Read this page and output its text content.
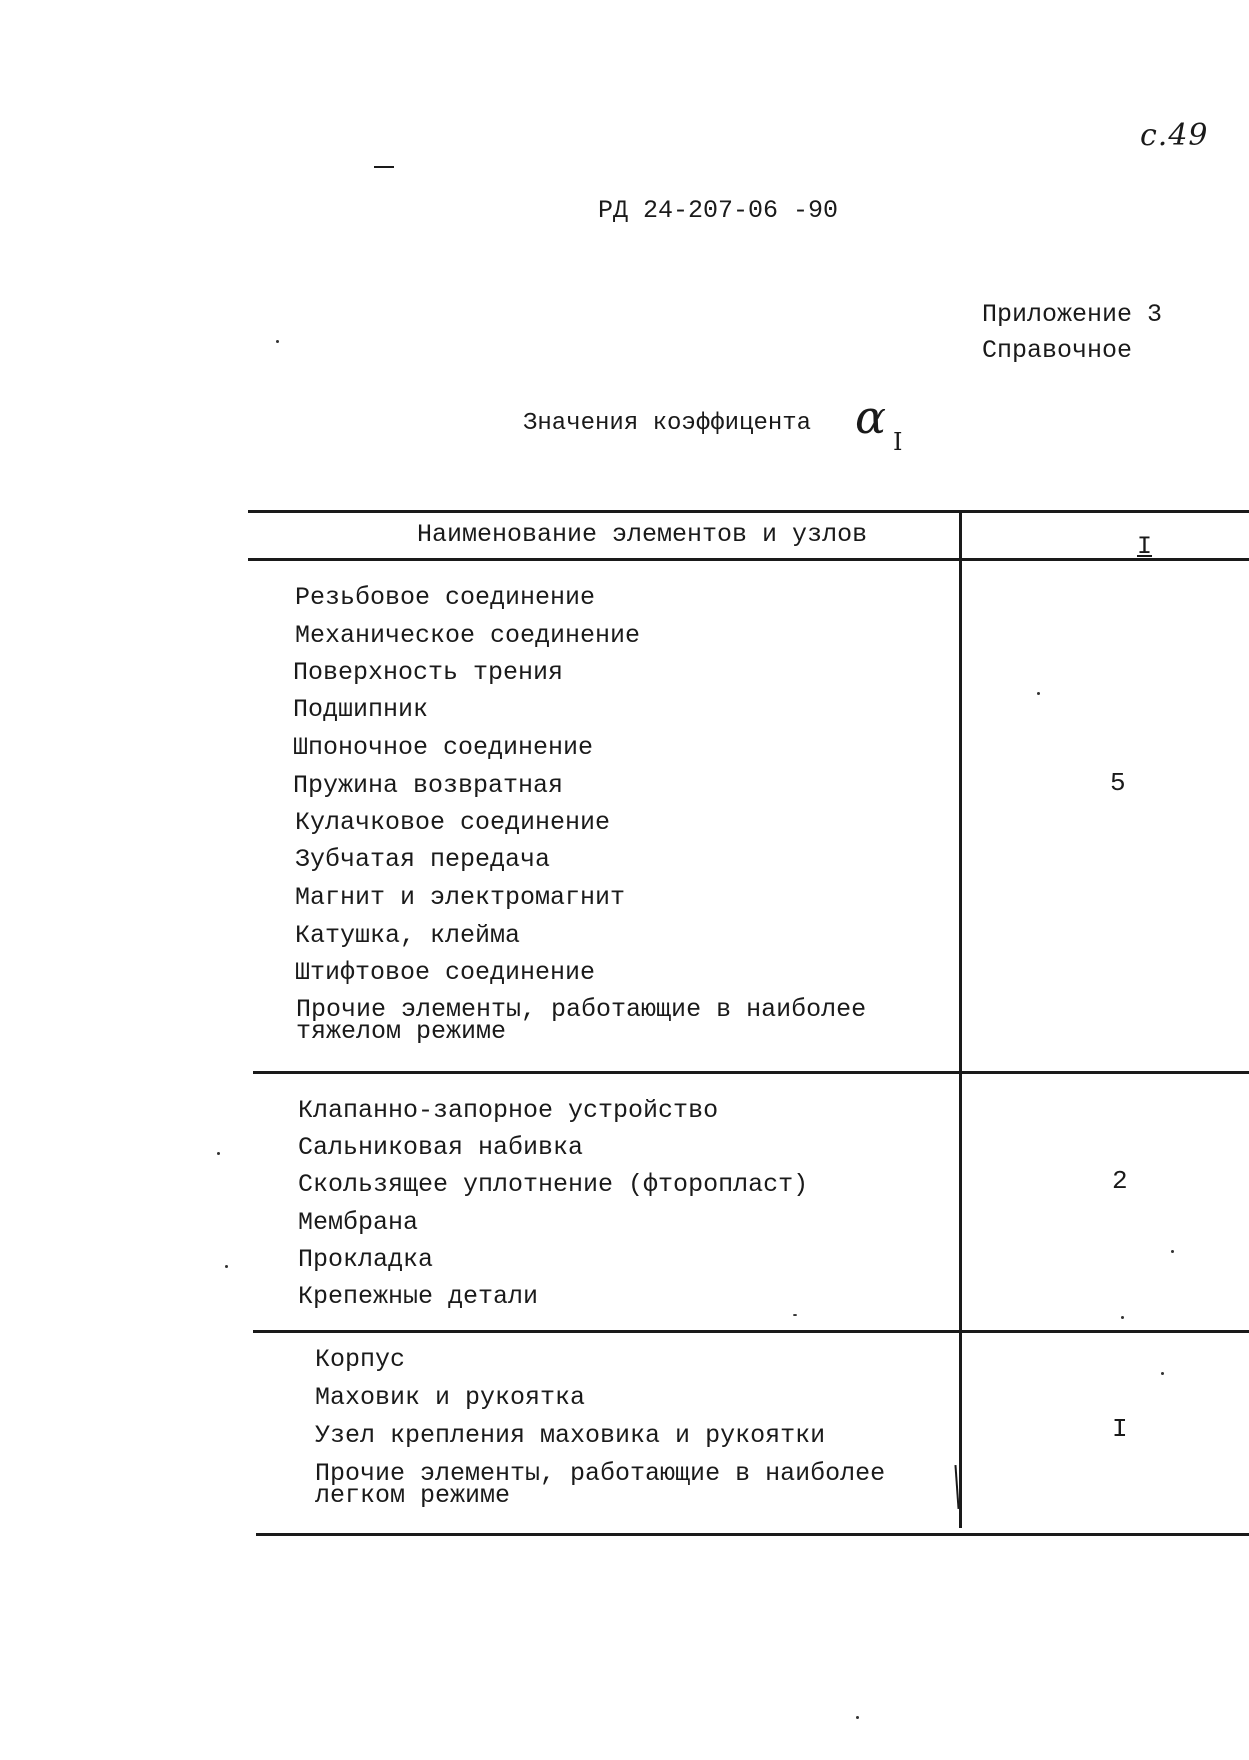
с.49
РД 24-207-06 -90
Приложение 3
Справочное
Значения коэффицента α I
Наименование элементов и узлов	I
Резьбовое соединение
Механическое соединение
Поверхность трения
Подшипник
Шпоночное соединение
Пружина возвратная
Кулачковое соединение
Зубчатая передача
Магнит и электромагнит
Катушка, клейма
Штифтовое соединение
Прочие элементы, работающие в наиболее тяжелом режиме
5
Клапанно-запорное устройство
Сальниковая набивка
Скользящее уплотнение (фторопласт)
Мембрана
Прокладка
Крепежные детали
2
Корпус
Маховик и рукоятка
Узел крепления маховика и рукоятки
Прочие элементы, работающие в наиболее легком режиме
I
